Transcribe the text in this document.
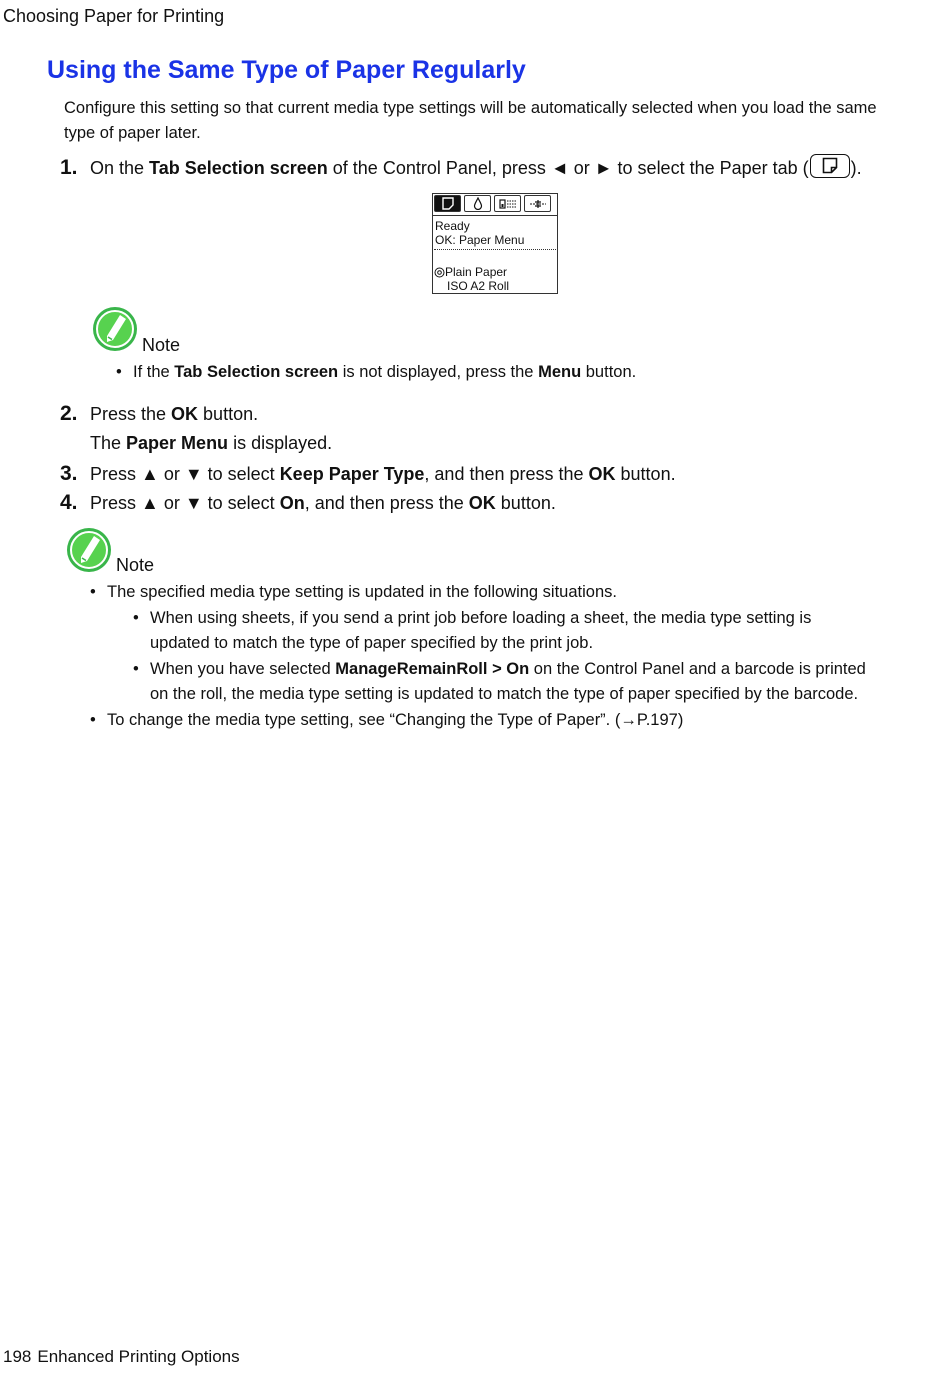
Choosing Paper for Printing
Using the Same Type of Paper Regularly
Configure this setting so that current media type settings will be automatically selected when you load the same type of paper later.
1. On the Tab Selection screen of the Control Panel, press ◄ or ► to select the Paper tab ( ).
Ready
OK: Paper Menu
Plain Paper
ISO A2 Roll
Note
• If the Tab Selection screen is not displayed, press the Menu button.
2. Press the OK button.
The Paper Menu is displayed.
3. Press ▲ or ▼ to select Keep Paper Type, and then press the OK button.
4. Press ▲ or ▼ to select On, and then press the OK button.
Note
• The specified media type setting is updated in the following situations.
• When using sheets, if you send a print job before loading a sheet, the media type setting is
updated to match the type of paper specified by the print job.
• When you have selected ManageRemainRoll > On on the Control Panel and a barcode is printed
on the roll, the media type setting is updated to match the type of paper specified by the barcode.
• To change the media type setting, see “Changing the Type of Paper”. (→P.197)
198 Enhanced Printing Options
